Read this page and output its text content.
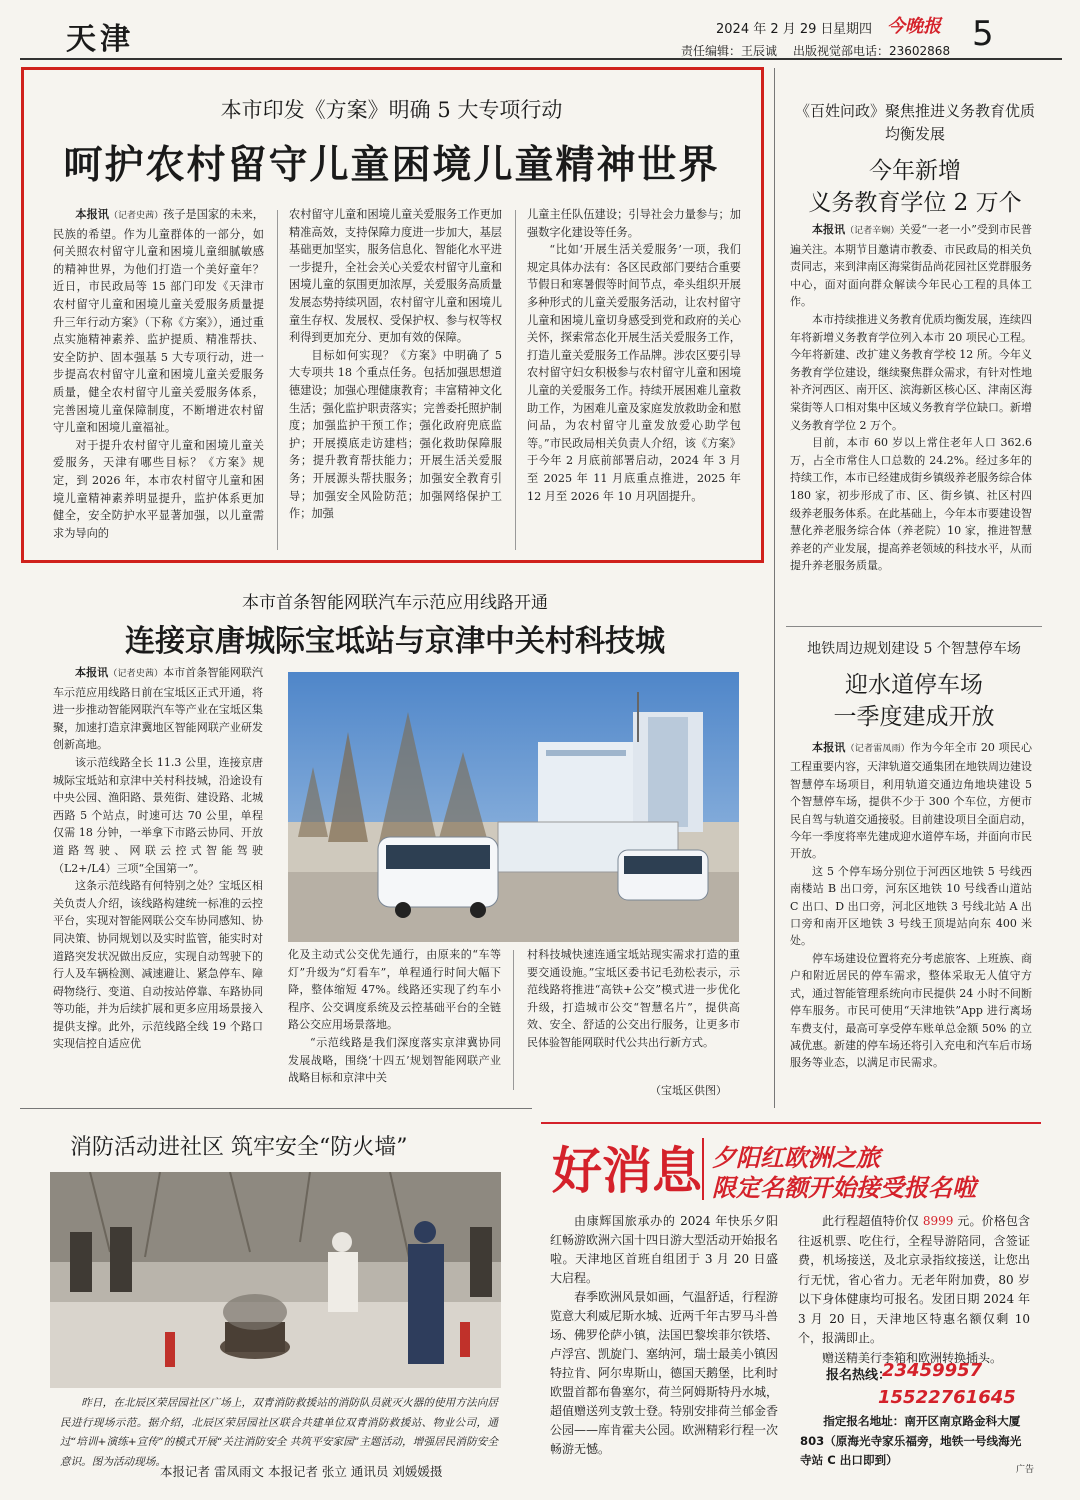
天津	2024 年 2 月 29 日 星期四 今晚报 5
责任编辑：王辰诚 出版视觉部电话：23602868
本市印发《方案》明确 5 大专项行动
呵护农村留守儿童困境儿童精神世界

本报讯（记者史茜）孩子是国家的未来，民族的希望。作为儿童群体的一部分，如何关照农村留守儿童和困境儿童细腻敏感的精神世界，为他们打造一个美好童年？近日，市民政局等 15 部门印发《天津市农村留守儿童和困境儿童关爱服务质量提升三年行动方案》（下称《方案》），通过重点实施精神素养、监护提质、精准帮扶、安全防护、固本强基 5 大专项行动，进一步提高农村留守儿童和困境儿童关爱服务质量，健全农村留守儿童关爱服务体系，完善困境儿童保障制度，不断增进农村留守儿童和困境儿童福祉。

对于提升农村留守儿童和困境儿童关爱服务，天津有哪些目标？《方案》规定，到 2026 年，本市农村留守儿童和困境儿童精神素养明显提升，监护体系更加健全，安全防护水平显著加强，以儿童需求为导向的

农村留守儿童和困境儿童关爱服务工作更加精准高效，支持保障力度进一步加大，基层基础更加坚实，服务信息化、智能化水平进一步提升，全社会关心关爱农村留守儿童和困境儿童的氛围更加浓厚，关爱服务高质量发展态势持续巩固，农村留守儿童和困境儿童生存权、发展权、受保护权、参与权等权利得到更加充分、更加有效的保障。

目标如何实现？《方案》中明确了 5 大专项共 18 个重点任务。包括加强思想道德建设；加强心理健康教育；丰富精神文化生活；强化监护职责落实；完善委托照护制度；加强监护干预工作；强化政府兜底监护；开展摸底走访建档；强化救助保障服务；提升教育帮扶能力；开展生活关爱服务；开展源头帮扶服务；加强安全教育引导；加强安全风险防范；加强网络保护工作；加强

儿童主任队伍建设；引导社会力量参与；加强数字化建设等任务。

“比如‘开展生活关爱服务’一项，我们规定具体办法有：各区民政部门要结合重要节假日和寒暑假等时间节点，牵头组织开展多种形式的儿童关爱服务活动，让农村留守儿童和困境儿童切身感受到党和政府的关心关怀，探索常态化开展生活关爱服务工作，打造儿童关爱服务工作品牌。涉农区要引导农村留守妇女积极参与农村留守儿童和困境儿童的关爱服务工作。持续开展困难儿童救助工作，为困难儿童及家庭发放救助金和慰问品，为农村留守儿童发放爱心助学包等。”市民政局相关负责人介绍，该《方案》于今年 2 月底前部署启动，2024 年 3 月至 2025 年 11 月底重点推进，2025 年 12 月至 2026 年 10 月巩固提升。

《百姓问政》聚焦推进义务教育优质均衡发展
今年新增
义务教育学位 2 万个

本报讯（记者辛娴）关爱“一老一小”受到市民普遍关注。本期节目邀请市教委、市民政局的相关负责同志，来到津南区海棠街品尚花园社区党群服务中心，面对面向群众解读今年民心工程的具体工作。

本市持续推进义务教育优质均衡发展，连续四年将新增义务教育学位列入本市 20 项民心工程。今年将新建、改扩建义务教育学校 12 所。今年义务教育学位建设，继续聚焦群众需求，有针对性地补齐河西区、南开区、滨海新区核心区、津南区海棠街等人口相对集中区域义务教育学位缺口。新增义务教育学位 2 万个。

目前，本市 60 岁以上常住老年人口 362.6 万，占全市常住人口总数的 24.2%。经过多年的持续工作，本市已经建成街乡镇级养老服务综合体 180 家，初步形成了市、区、街乡镇、社区村四级养老服务体系。在此基础上，今年本市要建设智慧化养老服务综合体（养老院）10 家，推进智慧养老的产业发展，提高养老领域的科技水平，从而提升养老服务质量。

地铁周边规划建设 5 个智慧停车场
迎水道停车场
一季度建成开放

本报讯（记者雷凤雨）作为今年全市 20 项民心工程重要内容，天津轨道交通集团在地铁周边建设智慧停车场项目，利用轨道交通边角地块建设 5 个智慧停车场，提供不少于 300 个车位，方便市民自驾与轨道交通接驳。目前建设项目全面启动，今年一季度将率先建成迎水道停车场，并面向市民开放。

这 5 个停车场分别位于河西区地铁 5 号线西南楼站 B 出口旁，河东区地铁 10 号线香山道站 C 出口、D 出口旁，河北区地铁 3 号线北站 A 出口旁和南开区地铁 3 号线王顶堤站向东 400 米处。

停车场建设位置将充分考虑旅客、上班族、商户和附近居民的停车需求，整体采取无人值守方式，通过智能管理系统向市民提供 24 小时不间断停车服务。市民可使用“天津地铁”App 进行离场车费支付，最高可享受停车账单总金额 50% 的立减优惠。新建的停车场还将引入充电和汽车后市场服务等业态，以满足市民需求。

本市首条智能网联汽车示范应用线路开通
连接京唐城际宝坻站与京津中关村科技城

本报讯（记者史茜）本市首条智能网联汽车示范应用线路日前在宝坻区正式开通，将进一步推动智能网联汽车等产业在宝坻区集聚，加速打造京津冀地区智能网联产业研发创新高地。

该示范线路全长 11.3 公里，连接京唐城际宝坻站和京津中关村科技城，沿途设有中央公园、渔阳路、景苑街、建设路、北城西路 5 个站点，时速可达 70 公里，单程仅需 18 分钟，一举拿下市路云协同、开放道路驾驶、网联云控式智能驾驶（L2+/L4）三项“全国第一”。

这条示范线路有何特别之处？宝坻区相关负责人介绍，该线路构建统一标准的云控平台，实现对智能网联公交车协同感知、协同决策、协同规划以及实时监管，能实时对道路突发状况做出反应，实现自动驾驶下的行人及车辆检测、减速避让、紧急停车、障碍物绕行、变道、自动按站停靠、车路协同等功能，并为后续扩展和更多应用场景接入提供支撑。此外，示范线路全线 19 个路口实现信控自适应优

化及主动式公交优先通行，由原来的“车等灯”升级为“灯看车”，单程通行时间大幅下降，整体缩短 47%。线路还实现了约车小程序、公交调度系统及云控基础平台的全链路公交应用场景落地。

“示范线路是我们深度落实京津冀协同发展战略，围绕‘十四五’规划智能网联产业战略目标和京津中关

村科技城快速连通宝坻站现实需求打造的重要交通设施。”宝坻区委书记毛劲松表示，示范线路将推进“高铁+公交”模式进一步优化升级，打造城市公交“智慧名片”，提供高效、安全、舒适的公交出行服务，让更多市民体验智能网联时代公共出行新方式。

（宝坻区供图）
消防活动进社区 筑牢安全“防火墙”
昨日，在北辰区荣居园社区广场上，双青消防救援站的消防队员就灭火器的使用方法向居民进行现场示范。据介绍，北辰区荣居园社区联合共建单位双青消防救援站、物业公司，通过“培训+演练+宣传”的模式开展“关注消防安全 共筑平安家园”主题活动，增强居民消防安全意识。图为活动现场。
本报记者 雷凤雨文 本报记者 张立 通讯员 刘媛媛摄
好消息 夕阳红欧洲之旅
限定名额开始接受报名啦

由康辉国旅承办的 2024 年快乐夕阳红畅游欧洲六国十四日游大型活动开始报名啦。天津地区首班自组团于 3 月 20 日盛大启程。

春季欧洲风景如画，气温舒适，行程游览意大利威尼斯水城、近两千年古罗马斗兽场、佛罗伦萨小镇，法国巴黎埃菲尔铁塔、卢浮宫、凯旋门、塞纳河，瑞士最美小镇因特拉肯、阿尔卑斯山，德国天鹅堡，比利时欧盟首都布鲁塞尔，荷兰阿姆斯特丹水城，超值赠送列支敦士登。特别安排荷兰郁金香公园——库肯霍夫公园。欧洲精彩行程一次畅游无憾。

此行程超值特价仅 8999 元。价格包含往返机票、吃住行，全程导游陪同，含签证费，机场接送，及北京录指纹接送，让您出行无忧，省心省力。无老年附加费，80 岁以下身体健康均可报名。发团日期 2024 年 3 月 20 日，天津地区特惠名额仅剩 10 个，报满即止。

赠送精美行李箱和欧洲转换插头。

报名热线：
23459957
15522761645
指定报名地址：南开区南京路金科大厦 803（原海光寺家乐福旁，地铁一号线海光寺站 C 出口即到）
广告
